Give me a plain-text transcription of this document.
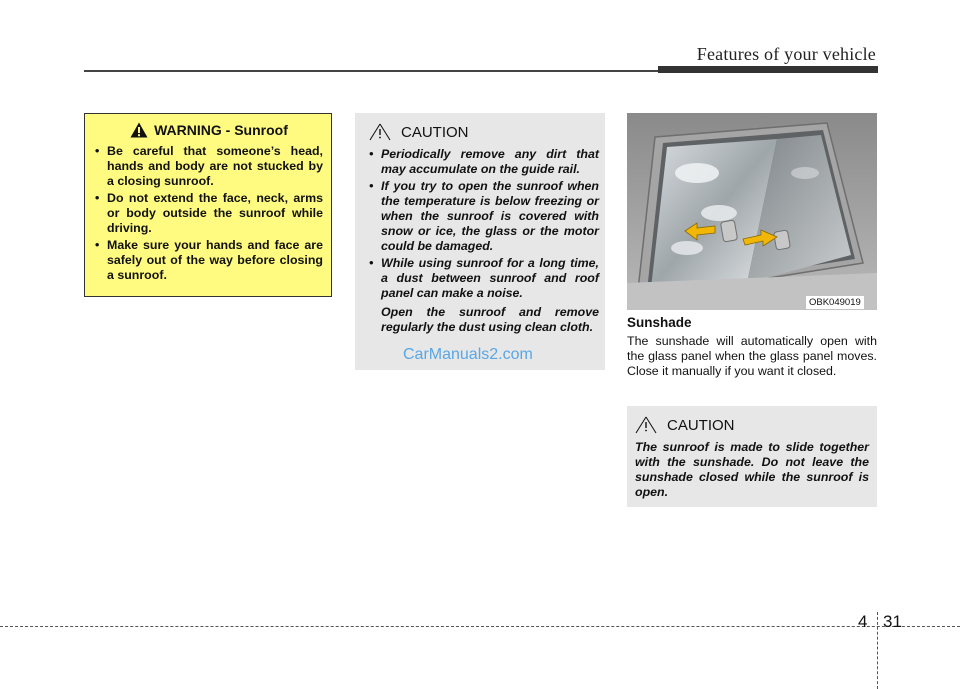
Features of your vehicle
WARNING - Sunroof
• Be careful that someone’s head, hands and body are not stucked by a closing sunroof.
• Do not extend the face, neck, arms or body outside the sunroof while driving.
• Make sure your hands and face are safely out of the way before closing a sunroof.
CAUTION
• Periodically remove any dirt that may accumulate on the guide rail.
• If you try to open the sunroof when the temperature is below freezing or when the sunroof is covered with snow or ice, the glass or the motor could be damaged.
• While using sunroof for a long time, a dust between sunroof and roof panel can make a noise.

Open the sunroof and remove regularly the dust using clean cloth.

CarManuals2.com
OBK049019
Sunshade

The sunshade will automatically open with the glass panel when the glass panel moves. Close it manually if you want it closed.

CAUTION

The sunroof is made to slide together with the sunshade. Do not leave the sunshade closed while the sunroof is open.

4 31
